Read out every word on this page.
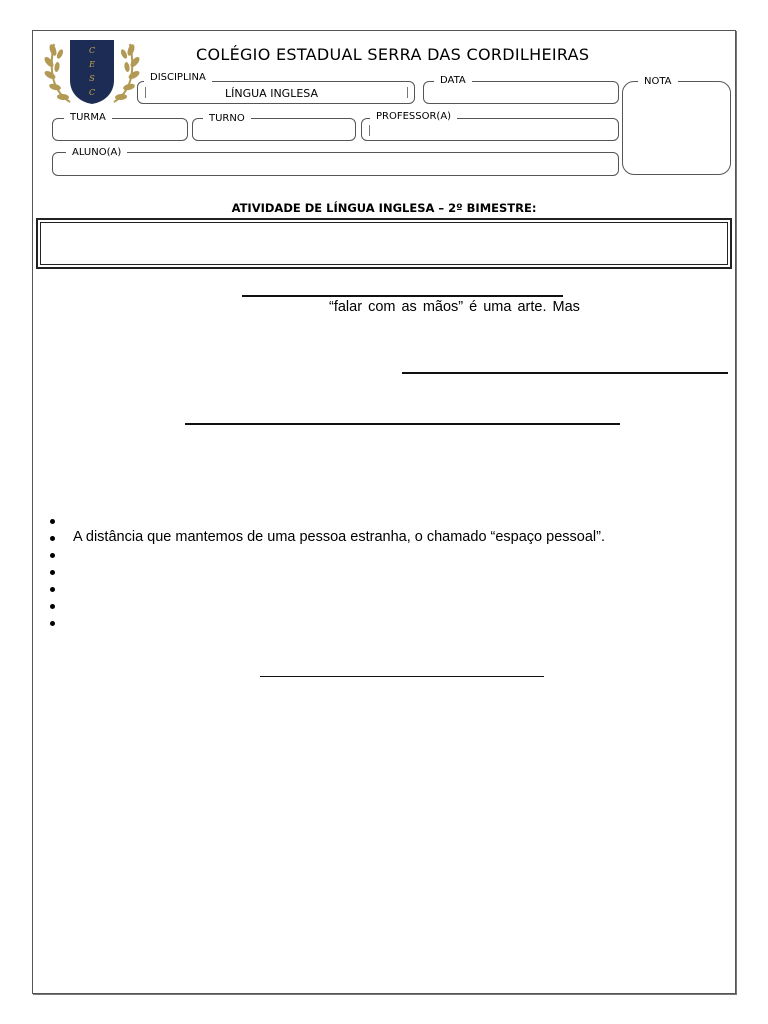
C
E
S
C
COLÉGIO ESTADUAL SERRA DAS CORDILHEIRAS
DISCIPLINA
LÍNGUA INGLESA
DATA	NOTA
TURMA	TURNO	PROFESSOR(A)
ALUNO(A)
ATIVIDADE DE LÍNGUA INGLESA – 2º BIMESTRE:
“falar com as mãos” é uma arte. Mas
A distância que mantemos de uma pessoa estranha, o chamado “espaço pessoal”.
